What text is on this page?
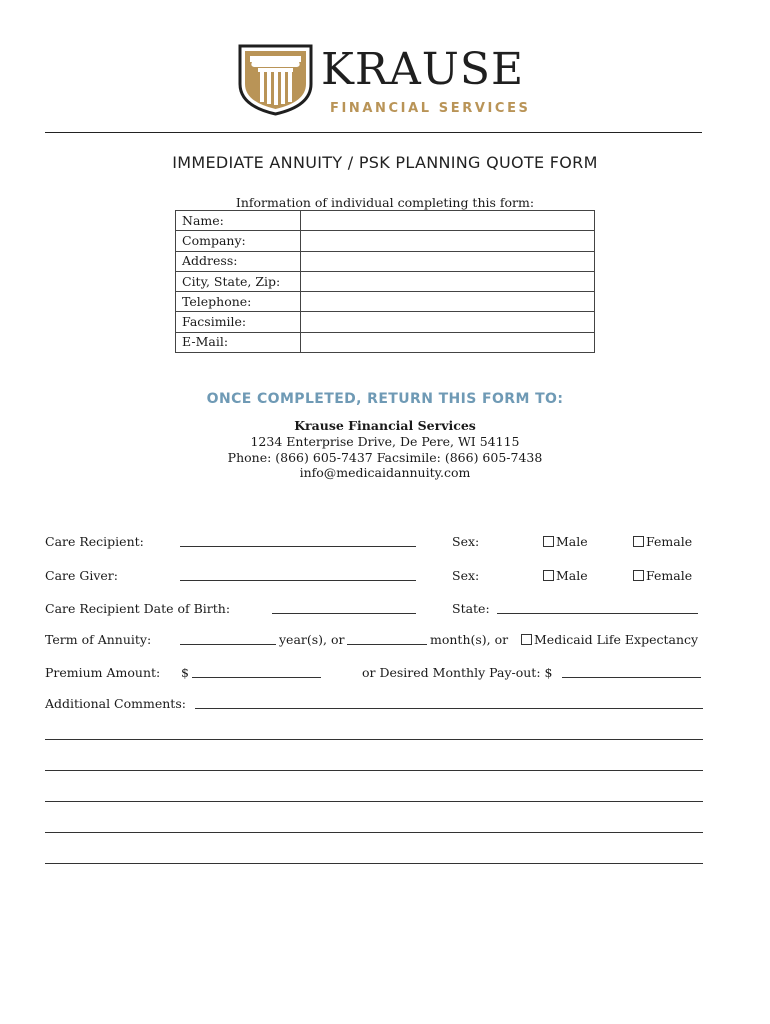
KRAUSE
FINANCIAL SERVICES
IMMEDIATE ANNUITY / PSK PLANNING QUOTE FORM
Information of individual completing this form:
Name:	
Company:	
Address:	
City, State, Zip:	
Telephone:	
Facsimile:	
E-Mail:	
ONCE COMPLETED, RETURN THIS FORM TO:
Krause Financial Services
1234 Enterprise Drive, De Pere, WI 54115
Phone: (866) 605-7437 Facsimile: (866) 605-7438
info@medicaidannuity.com
Care Recipient:	Sex:	Male	Female
Care Giver:	Sex:	Male	Female
Care Recipient Date of Birth:	State:
Term of Annuity:	year(s), or	month(s), or	Medicaid Life Expectancy
Premium Amount: $	or Desired Monthly Pay-out: $
Additional Comments:
